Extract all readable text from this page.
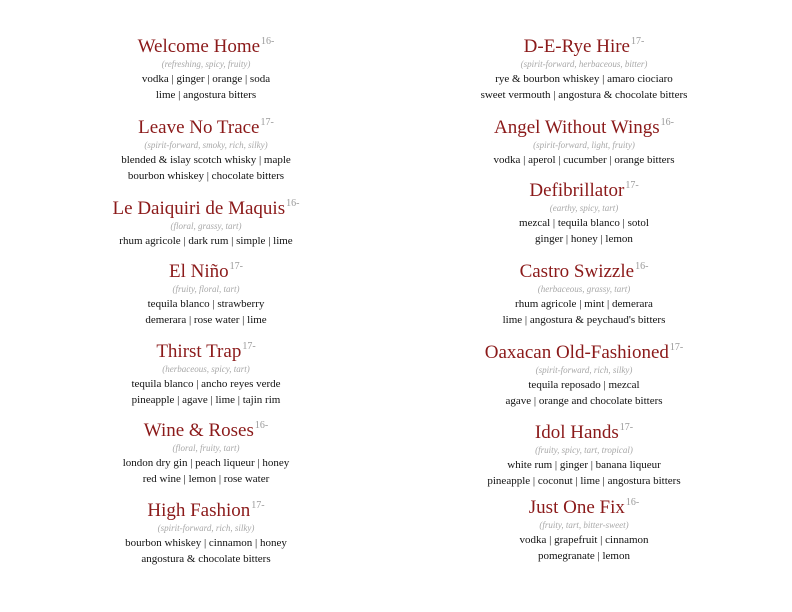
Welcome Home$^{16-}$
(refreshing, spicy, fruity)
vodka | ginger | orange | soda
lime | angostura bitters
Leave No Trace$^{17-}$
(spirit-forward, smoky, rich, silky)
blended & islay scotch whisky | maple
bourbon whiskey | chocolate bitters
Le Daiquiri de Maquis$^{16-}$
(floral, grassy, tart)
rhum agricole | dark rum | simple | lime
El Niño$^{17-}$
(fruity, floral, tart)
tequila blanco | strawberry
demerara | rose water | lime
Thirst Trap$^{17-}$
(herbaceous, spicy, tart)
tequila blanco | ancho reyes verde
pineapple | agave | lime | tajin rim
Wine & Roses$^{16-}$
(floral, fruity, tart)
london dry gin | peach liqueur | honey
red wine | lemon | rose water
High Fashion$^{17-}$
(spirit-forward, rich, silky)
bourbon whiskey | cinnamon | honey
angostura & chocolate bitters
D-E-Rye Hire$^{17-}$
(spirit-forward, herbaceous, bitter)
rye & bourbon whiskey | amaro ciociaro
sweet vermouth | angostura & chocolate bitters
Angel Without Wings$^{16-}$
(spirit-forward, light, fruity)
vodka | aperol | cucumber | orange bitters
Defibrillator$^{17-}$
(earthy, spicy, tart)
mezcal | tequila blanco | sotol
ginger | honey | lemon
Castro Swizzle$^{16-}$
(herbaceous, grassy, tart)
rhum agricole | mint | demerara
lime | angostura & peychaud's bitters
Oaxacan Old-Fashioned$^{17-}$
(spirit-forward, rich, silky)
tequila reposado | mezcal
agave | orange and chocolate bitters
Idol Hands$^{17-}$
(fruity, spicy, tart, tropical)
white rum | ginger | banana liqueur
pineapple | coconut | lime | angostura bitters
Just One Fix$^{16-}$
(fruity, tart, bitter-sweet)
vodka | grapefruit | cinnamon
pomegranate | lemon
